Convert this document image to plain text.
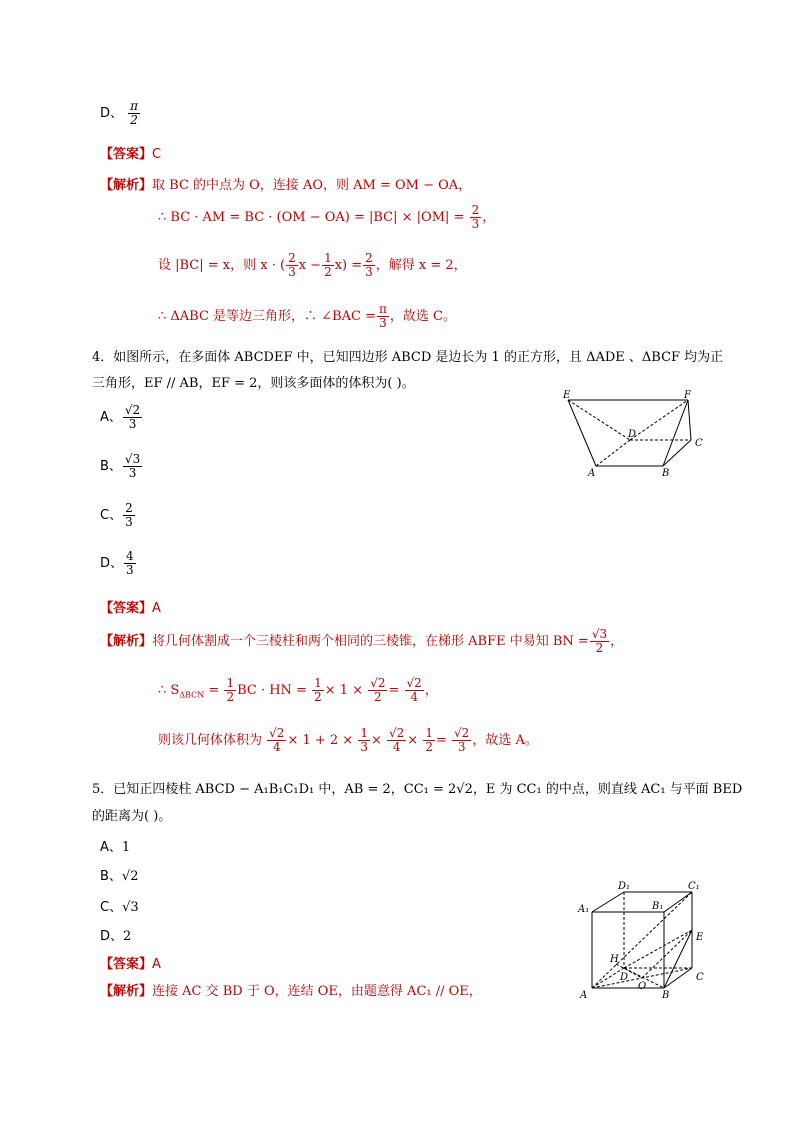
D、 $\frac{\pi}{2}$
【答案】C
【解析】取 BC 的中点为 O，连接 AO，则 AM = OM − OA，
∴ BC · AM = BC · $(OM - OA) = |BC| \times |OM| = \frac{2}{3}$ ，
设 |BC| = x，则 x · ( $\frac{2}{3}$ $x - \frac{1}{2} x) = \frac{2}{3}$ ，解得 x = 2，
∴ ΔABC 是等边三角形，∴ ∠BAC = $\frac{\pi}{3}$ ，故选 C。
4．如图所示，在多面体 ABCDEF 中，已知四边形 ABCD 是边长为 1 的正方形，且 ΔADE 、ΔBCF 均为正
三角形，EF // AB，EF = 2，则该多面体的体积为( )。
A、 $\frac{√2}{3}$
B、 $\frac{√3}{3}$
C、 $\frac{2}{3}$
D、 $\frac{4}{3}$
E	F
D
C
A	B
【答案】A
【解析】将几何体割成一个三棱柱和两个相同的三棱锥，在梯形 ABFE 中易知 BN = $\frac{√3}{2}$ ，
∴ $S_{\Delta BCN} = \frac{1}{2}$ BC · HN = $\frac{1}{2} \times 1 \times \frac{√2}{2} = \frac{√2}{4}$ ，
则该几何体体积为 $\frac{√2}{4} \times 1 + 2 \times \frac{1}{3} \times \frac{√2}{4} \times \frac{1}{2} = \frac{√2}{3}$ ，故选 A。
5．已知正四棱柱 ABCD − A₁B₁C₁D₁ 中，AB = 2，CC₁ = 2√2，E 为 CC₁ 的中点，则直线 AC₁ 与平面 BED
的距离为( )。
A、1
B、√2
C、√3
D、2
【答案】A
【解析】连接 AC 交 BD 于 O，连结 OE，由题意得 AC₁ // OE，
D₁	C₁
A₁	B₁
E
H
D	C
O
A	B
